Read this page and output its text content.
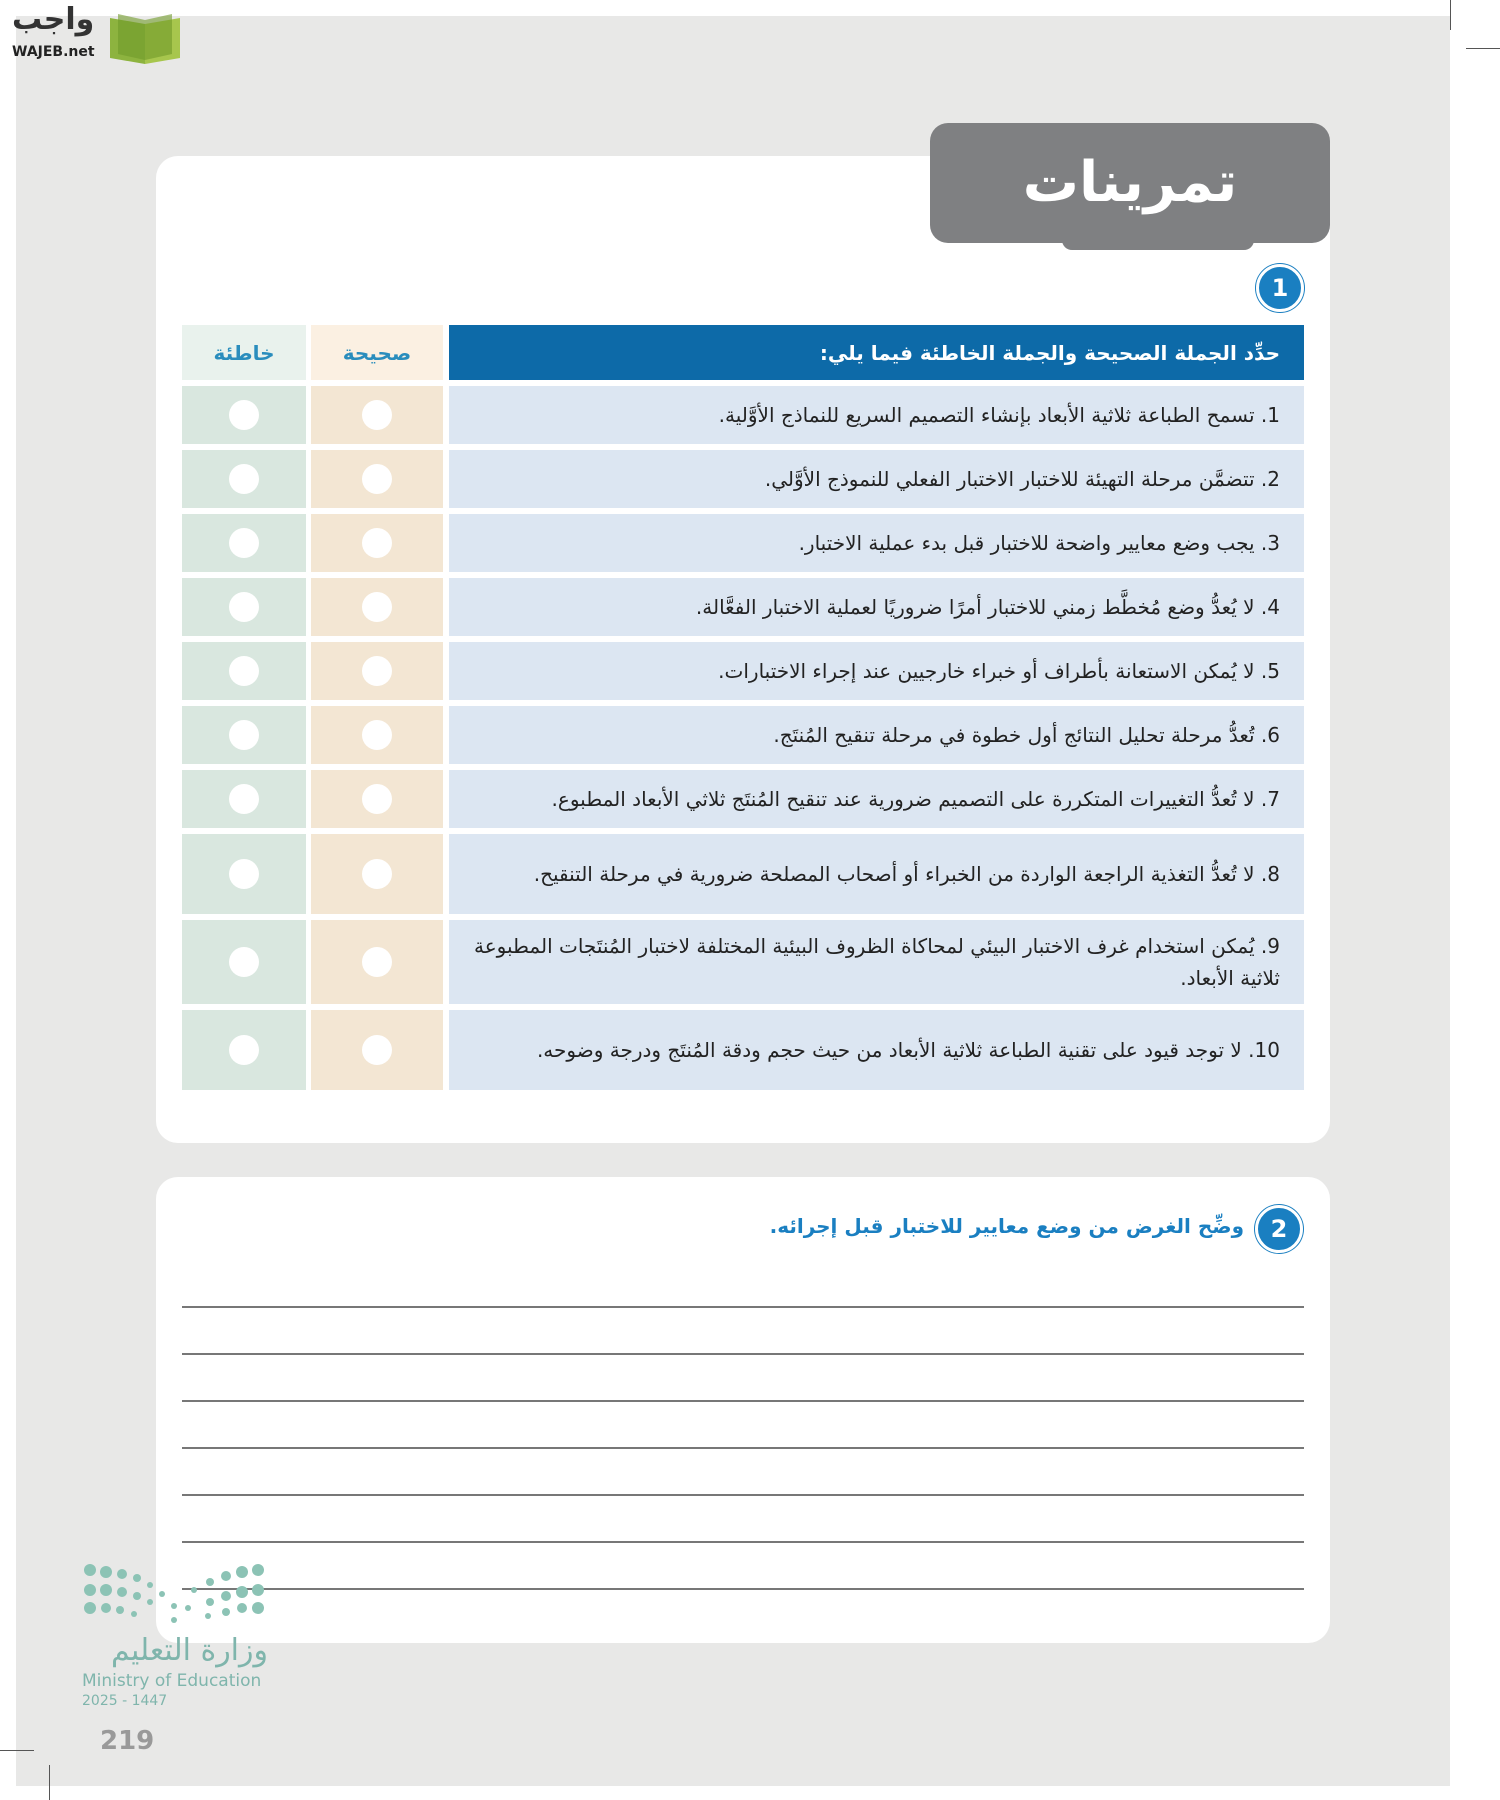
واجب
WAJEB.net
تمرينات
1
خاطئة	صحيحة	حدِّد الجملة الصحيحة والجملة الخاطئة فيما يلي:
1. تسمح الطباعة ثلاثية الأبعاد بإنشاء التصميم السريع للنماذج الأوَّلية.
2. تتضمَّن مرحلة التهيئة للاختبار الاختبار الفعلي للنموذج الأوَّلي.
3. يجب وضع معايير واضحة للاختبار قبل بدء عملية الاختبار.
4. لا يُعدُّ وضع مُخطَّط زمني للاختبار أمرًا ضروريًا لعملية الاختبار الفعَّالة.
5. لا يُمكن الاستعانة بأطراف أو خبراء خارجيين عند إجراء الاختبارات.
6. تُعدُّ مرحلة تحليل النتائج أول خطوة في مرحلة تنقيح المُنتَج.
7. لا تُعدُّ التغييرات المتكررة على التصميم ضرورية عند تنقيح المُنتَج ثلاثي الأبعاد المطبوع.
8. لا تُعدُّ التغذية الراجعة الواردة من الخبراء أو أصحاب المصلحة ضرورية في مرحلة التنقيح.
9. يُمكن استخدام غرف الاختبار البيئي لمحاكاة الظروف البيئية المختلفة لاختبار المُنتَجات المطبوعة ثلاثية الأبعاد.
10. لا توجد قيود على تقنية الطباعة ثلاثية الأبعاد من حيث حجم ودقة المُنتَج ودرجة وضوحه.
2
وضِّح الغرض من وضع معايير للاختبار قبل إجرائه.
وزارة التعليم
Ministry of Education
2025 - 1447
219
